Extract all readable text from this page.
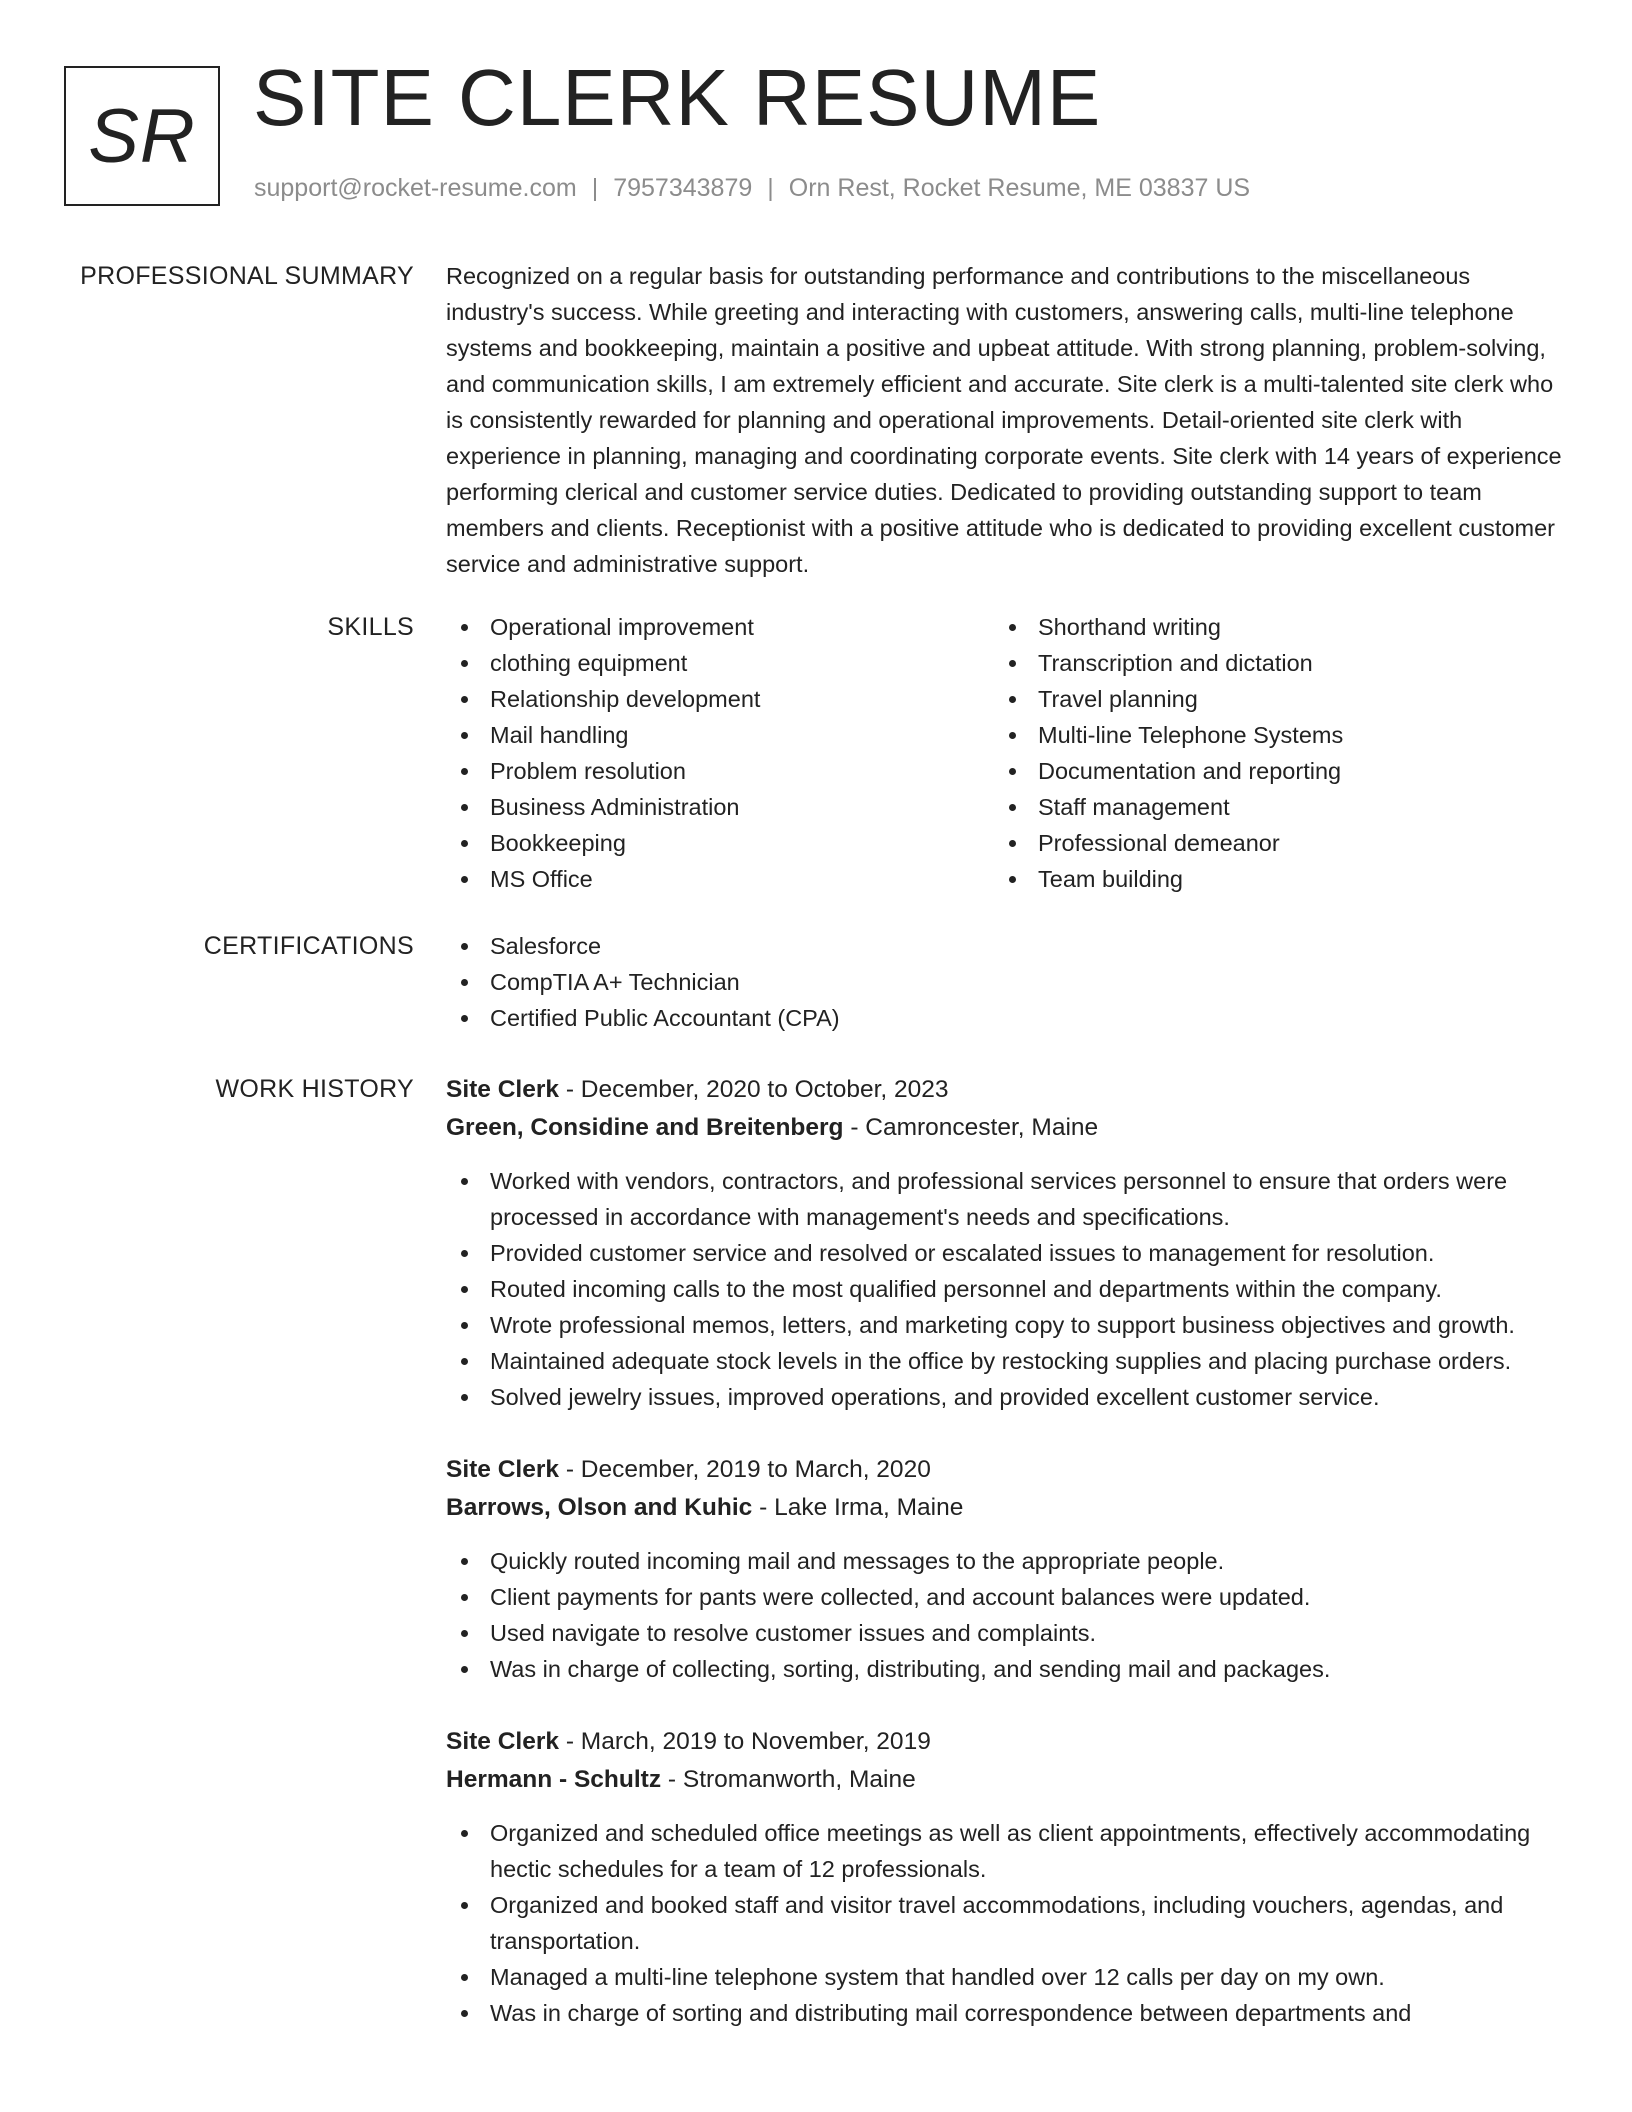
SR SITE CLERK RESUME
support@rocket-resume.com | 7957343879 | Orn Rest, Rocket Resume, ME 03837 US
PROFESSIONAL SUMMARY Recognized on a regular basis for outstanding performance and contributions to the miscellaneous industry's success. While greeting and interacting with customers, answering calls, multi-line telephone systems and bookkeeping, maintain a positive and upbeat attitude. With strong planning, problem-solving, and communication skills, I am extremely efficient and accurate. Site clerk is a multi-talented site clerk who is consistently rewarded for planning and operational improvements. Detail-oriented site clerk with experience in planning, managing and coordinating corporate events. Site clerk with 14 years of experience performing clerical and customer service duties. Dedicated to providing outstanding support to team members and clients. Receptionist with a positive attitude who is dedicated to providing excellent customer service and administrative support.

SKILLS	Operational improvement
clothing equipment
Relationship development
Mail handling
Problem resolution
Business Administration
Bookkeeping
MS Office
Shorthand writing
Transcription and dictation
Travel planning
Multi-line Telephone Systems
Documentation and reporting
Staff management
Professional demeanor
Team building
CERTIFICATIONS	Salesforce
CompTIA A+ Technician
Certified Public Accountant (CPA)
WORK HISTORY Site Clerk - December, 2020 to October, 2023
Green, Considine and Breitenberg - Camroncester, Maine
Worked with vendors, contractors, and professional services personnel to ensure that orders were processed in accordance with management's needs and specifications.
Provided customer service and resolved or escalated issues to management for resolution.
Routed incoming calls to the most qualified personnel and departments within the company.
Wrote professional memos, letters, and marketing copy to support business objectives and growth.
Maintained adequate stock levels in the office by restocking supplies and placing purchase orders.
Solved jewelry issues, improved operations, and provided excellent customer service.
Site Clerk - December, 2019 to March, 2020
Barrows, Olson and Kuhic - Lake Irma, Maine
Quickly routed incoming mail and messages to the appropriate people.
Client payments for pants were collected, and account balances were updated.
Used navigate to resolve customer issues and complaints.
Was in charge of collecting, sorting, distributing, and sending mail and packages.
Site Clerk - March, 2019 to November, 2019
Hermann - Schultz - Stromanworth, Maine
Organized and scheduled office meetings as well as client appointments, effectively accommodating hectic schedules for a team of 12 professionals.
Organized and booked staff and visitor travel accommodations, including vouchers, agendas, and transportation.
Managed a multi-line telephone system that handled over 12 calls per day on my own.
Was in charge of sorting and distributing mail correspondence between departments and
